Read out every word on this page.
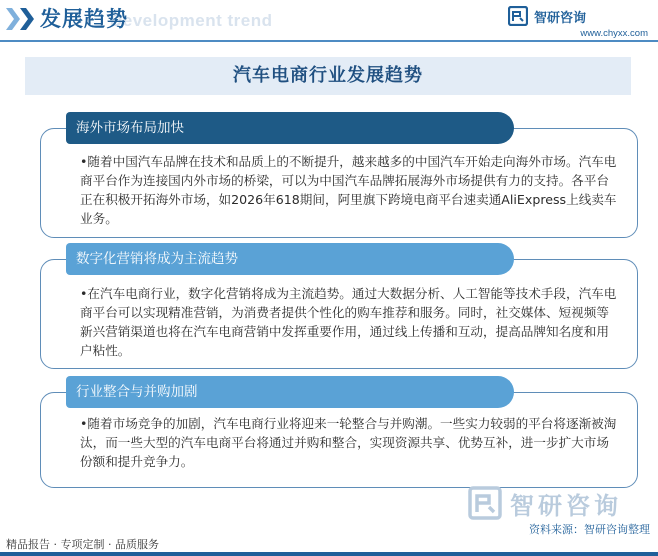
Development trend
发展趋势	智研咨询
www.chyxx.com
汽车电商行业发展趋势
海外市场布局加快
•随着中国汽车品牌在技术和品质上的不断提升，越来越多的中国汽车开始走向海外市场。汽车电商平台作为连接国内外市场的桥梁，可以为中国汽车品牌拓展海外市场提供有力的支持。各平台正在积极开拓海外市场，如2026年618期间，阿里旗下跨境电商平台速卖通AliExpress上线卖车业务。
数字化营销将成为主流趋势
•在汽车电商行业，数字化营销将成为主流趋势。通过大数据分析、人工智能等技术手段，汽车电商平台可以实现精准营销，为消费者提供个性化的购车推荐和服务。同时，社交媒体、短视频等新兴营销渠道也将在汽车电商营销中发挥重要作用，通过线上传播和互动，提高品牌知名度和用户粘性。
行业整合与并购加剧
•随着市场竞争的加剧，汽车电商行业将迎来一轮整合与并购潮。一些实力较弱的平台将逐渐被淘汰，而一些大型的汽车电商平台将通过并购和整合，实现资源共享、优势互补，进一步扩大市场份额和提升竞争力。
智研咨询
资料来源：智研咨询整理
精品报告 · 专项定制 · 品质服务
